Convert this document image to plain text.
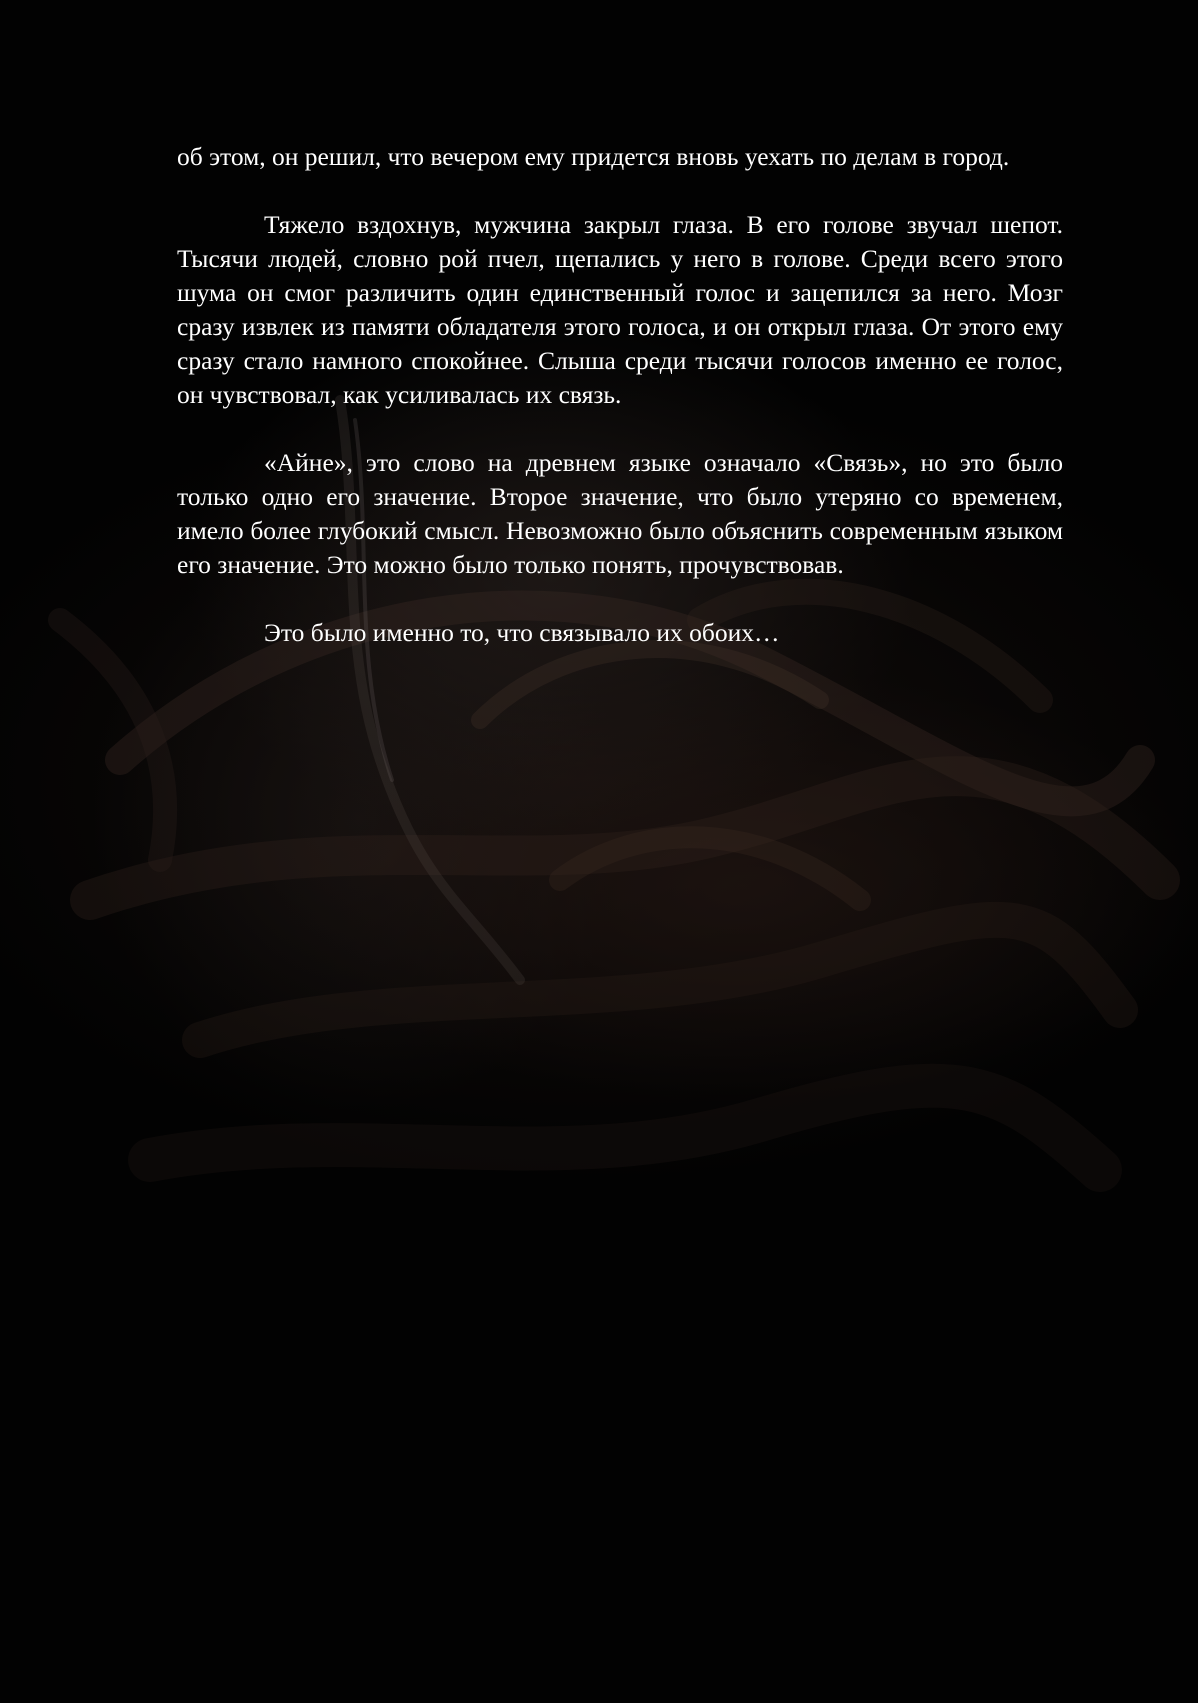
об этом, он решил, что вечером ему придется вновь уехать по делам в город.

Тяжело вздохнув, мужчина закрыл глаза. В его голове звучал шепот. Тысячи людей, словно рой пчел, щепались у него в голове. Среди всего этого шума он смог различить один единственный голос и зацепился за него. Мозг сразу извлек из памяти обладателя этого голоса, и он открыл глаза. От этого ему сразу стало намного спокойнее. Слыша среди тысячи голосов именно ее голос, он чувствовал, как усиливалась их связь.

«Айне», это слово на древнем языке означало «Связь», но это было только одно его значение. Второе значение, что было утеряно со временем, имело более глубокий смысл. Невозможно было объяснить современным языком его значение. Это можно было только понять, прочувствовав.

Это было именно то, что связывало их обоих…
